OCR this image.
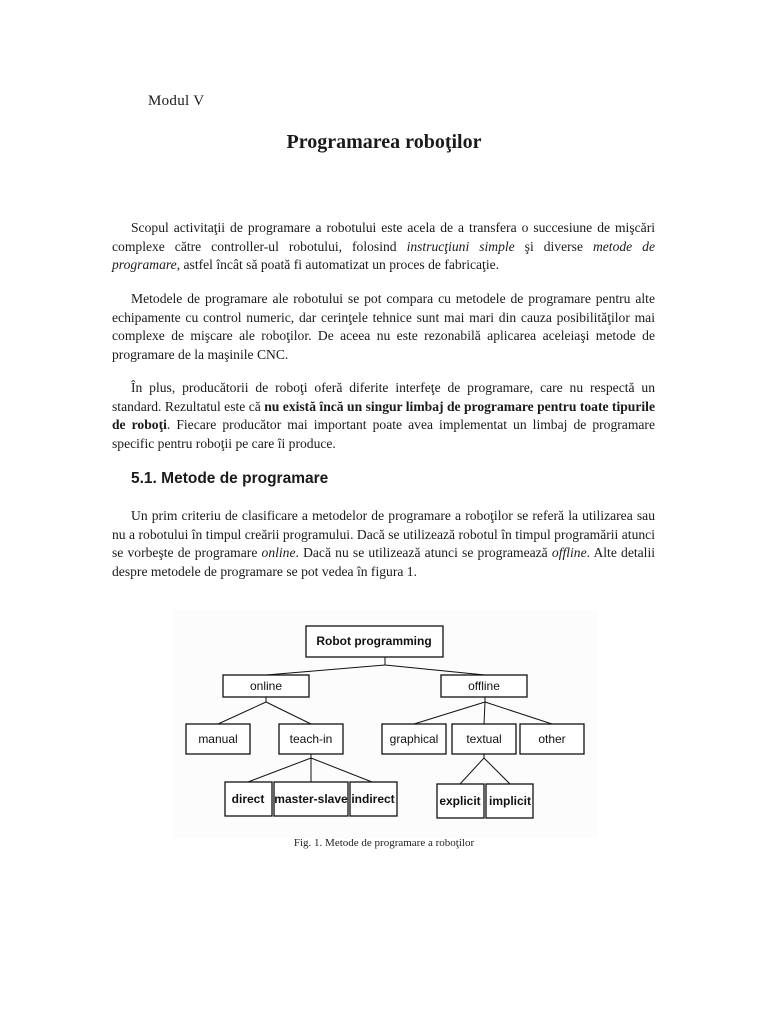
Modul V
Programarea roboţilor
Scopul activitaţii de programare a robotului este acela de a transfera o succesiune de mişcări complexe către controller-ul robotului, folosind instrucţiuni simple şi diverse metode de programare, astfel încât să poată fi automatizat un proces de fabricaţie.
Metodele de programare ale robotului se pot compara cu metodele de programare pentru alte echipamente cu control numeric, dar cerinţele tehnice sunt mai mari din cauza posibilităţilor mai complexe de mişcare ale roboţilor. De aceea nu este rezonabilă aplicarea aceleiaşi metode de programare de la maşinile CNC.
În plus, producătorii de roboţi oferă diferite interfeţe de programare, care nu respectă un standard. Rezultatul este că nu există încă un singur limbaj de programare pentru toate tipurile de roboţi. Fiecare producător mai important poate avea implementat un limbaj de programare specific pentru roboţii pe care îi produce.
5.1. Metode de programare
Un prim criteriu de clasificare a metodelor de programare a roboţilor se referă la utilizarea sau nu a robotului în timpul creării programului. Dacă se utilizează robotul în timpul programării atunci se vorbeşte de programare online. Dacă nu se utilizează atunci se programează offline. Alte detalii despre metodele de programare se pot vedea în figura 1.
Robot programming
online	offline
manual	teach-in	graphical textual	other
direct master-slave indirect	explicit implicit
Fig. 1. Metode de programare a roboţilor
